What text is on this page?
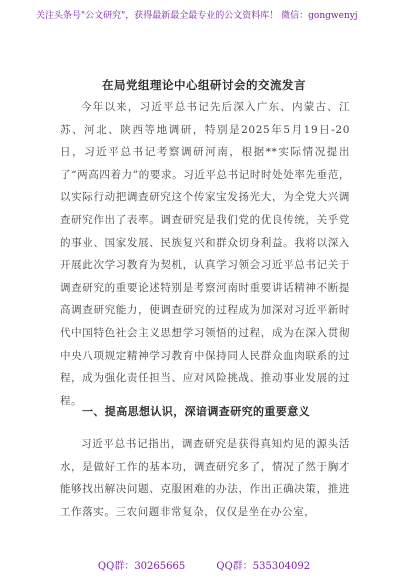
关注头条号"公文研究"，获得最新最全最专业的公文资料库！ 微信：gongwenyj
在局党组理论中心组研讨会的交流发言

今年以来，习近平总书记先后深入广东、内蒙古、江苏、河北、陕西等地调研，特别是2025年5月19日-20日，习近平总书记考察调研河南，根据**实际情况提出了“两高四着力”的要求。习近平总书记时时处处率先垂范，以实际行动把调查研究这个传家宝发扬光大，为全党大兴调查研究作出了表率。调查研究是我们党的优良传统，关乎党的事业、国家发展、民族复兴和群众切身利益。我将以深入开展此次学习教育为契机，认真学习领会习近平总书记关于调查研究的重要论述特别是考察河南时重要讲话精神不断提高调查研究能力，使调查研究的过程成为加深对习近平新时代中国特色社会主义思想学习领悟的过程，成为在深入贯彻中央八项规定精神学习教育中保持同人民群众血肉联系的过程，成为强化责任担当、应对风险挑战、推动事业发展的过程。

一、提高思想认识，深谙调查研究的重要意义

习近平总书记指出，调查研究是获得真知灼见的源头活水，是做好工作的基本功，调查研究多了，情况了然于胸才能够找出解决问题、克服困难的办法，作出正确决策，推进工作落实。三农问题非常复杂，仅仅是坐在办公室，

QQ群：30265665	QQ群：535304092
